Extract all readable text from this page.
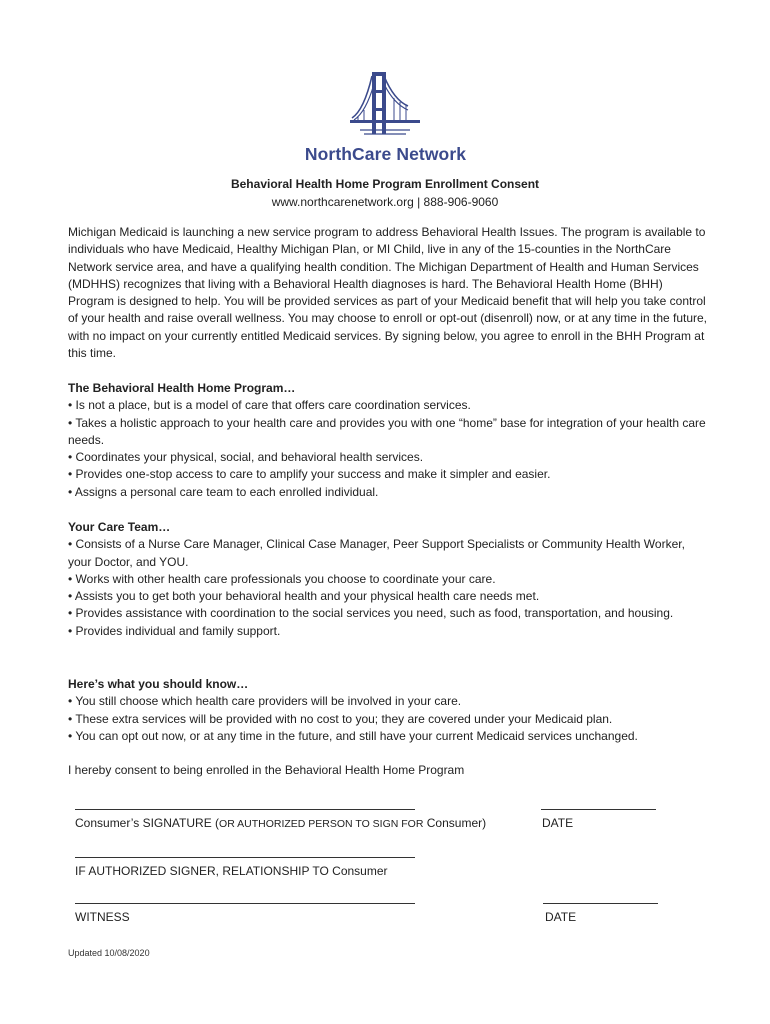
NorthCare Network
Behavioral Health Home Program Enrollment Consent
www.northcarenetwork.org | 888-906-9060
Michigan Medicaid is launching a new service program to address Behavioral Health Issues. The program is available to individuals who have Medicaid, Healthy Michigan Plan, or MI Child, live in any of the 15-counties in the NorthCare Network service area, and have a qualifying health condition. The Michigan Department of Health and Human Services (MDHHS) recognizes that living with a Behavioral Health diagnoses is hard. The Behavioral Health Home (BHH) Program is designed to help. You will be provided services as part of your Medicaid benefit that will help you take control of your health and raise overall wellness. You may choose to enroll or opt-out (disenroll) now, or at any time in the future, with no impact on your currently entitled Medicaid services. By signing below, you agree to enroll in the BHH Program at this time.
The Behavioral Health Home Program…

• Is not a place, but is a model of care that offers care coordination services.

• Takes a holistic approach to your health care and provides you with one “home” base for integration of your health care needs.

• Coordinates your physical, social, and behavioral health services.

• Provides one-stop access to care to amplify your success and make it simpler and easier.

• Assigns a personal care team to each enrolled individual.

Your Care Team…

• Consists of a Nurse Care Manager, Clinical Case Manager, Peer Support Specialists or Community Health Worker, your Doctor, and YOU.

• Works with other health care professionals you choose to coordinate your care.

• Assists you to get both your behavioral health and your physical health care needs met.

• Provides assistance with coordination to the social services you need, such as food, transportation, and housing.

• Provides individual and family support.

Here’s what you should know…

• You still choose which health care providers will be involved in your care.

• These extra services will be provided with no cost to you; they are covered under your Medicaid plan.

• You can opt out now, or at any time in the future, and still have your current Medicaid services unchanged.

I hereby consent to being enrolled in the Behavioral Health Home Program
Consumer’s SIGNATURE (OR AUTHORIZED PERSON TO SIGN FOR Consumer)	DATE
IF AUTHORIZED SIGNER, RELATIONSHIP TO Consumer
WITNESS	DATE
Updated 10/08/2020
